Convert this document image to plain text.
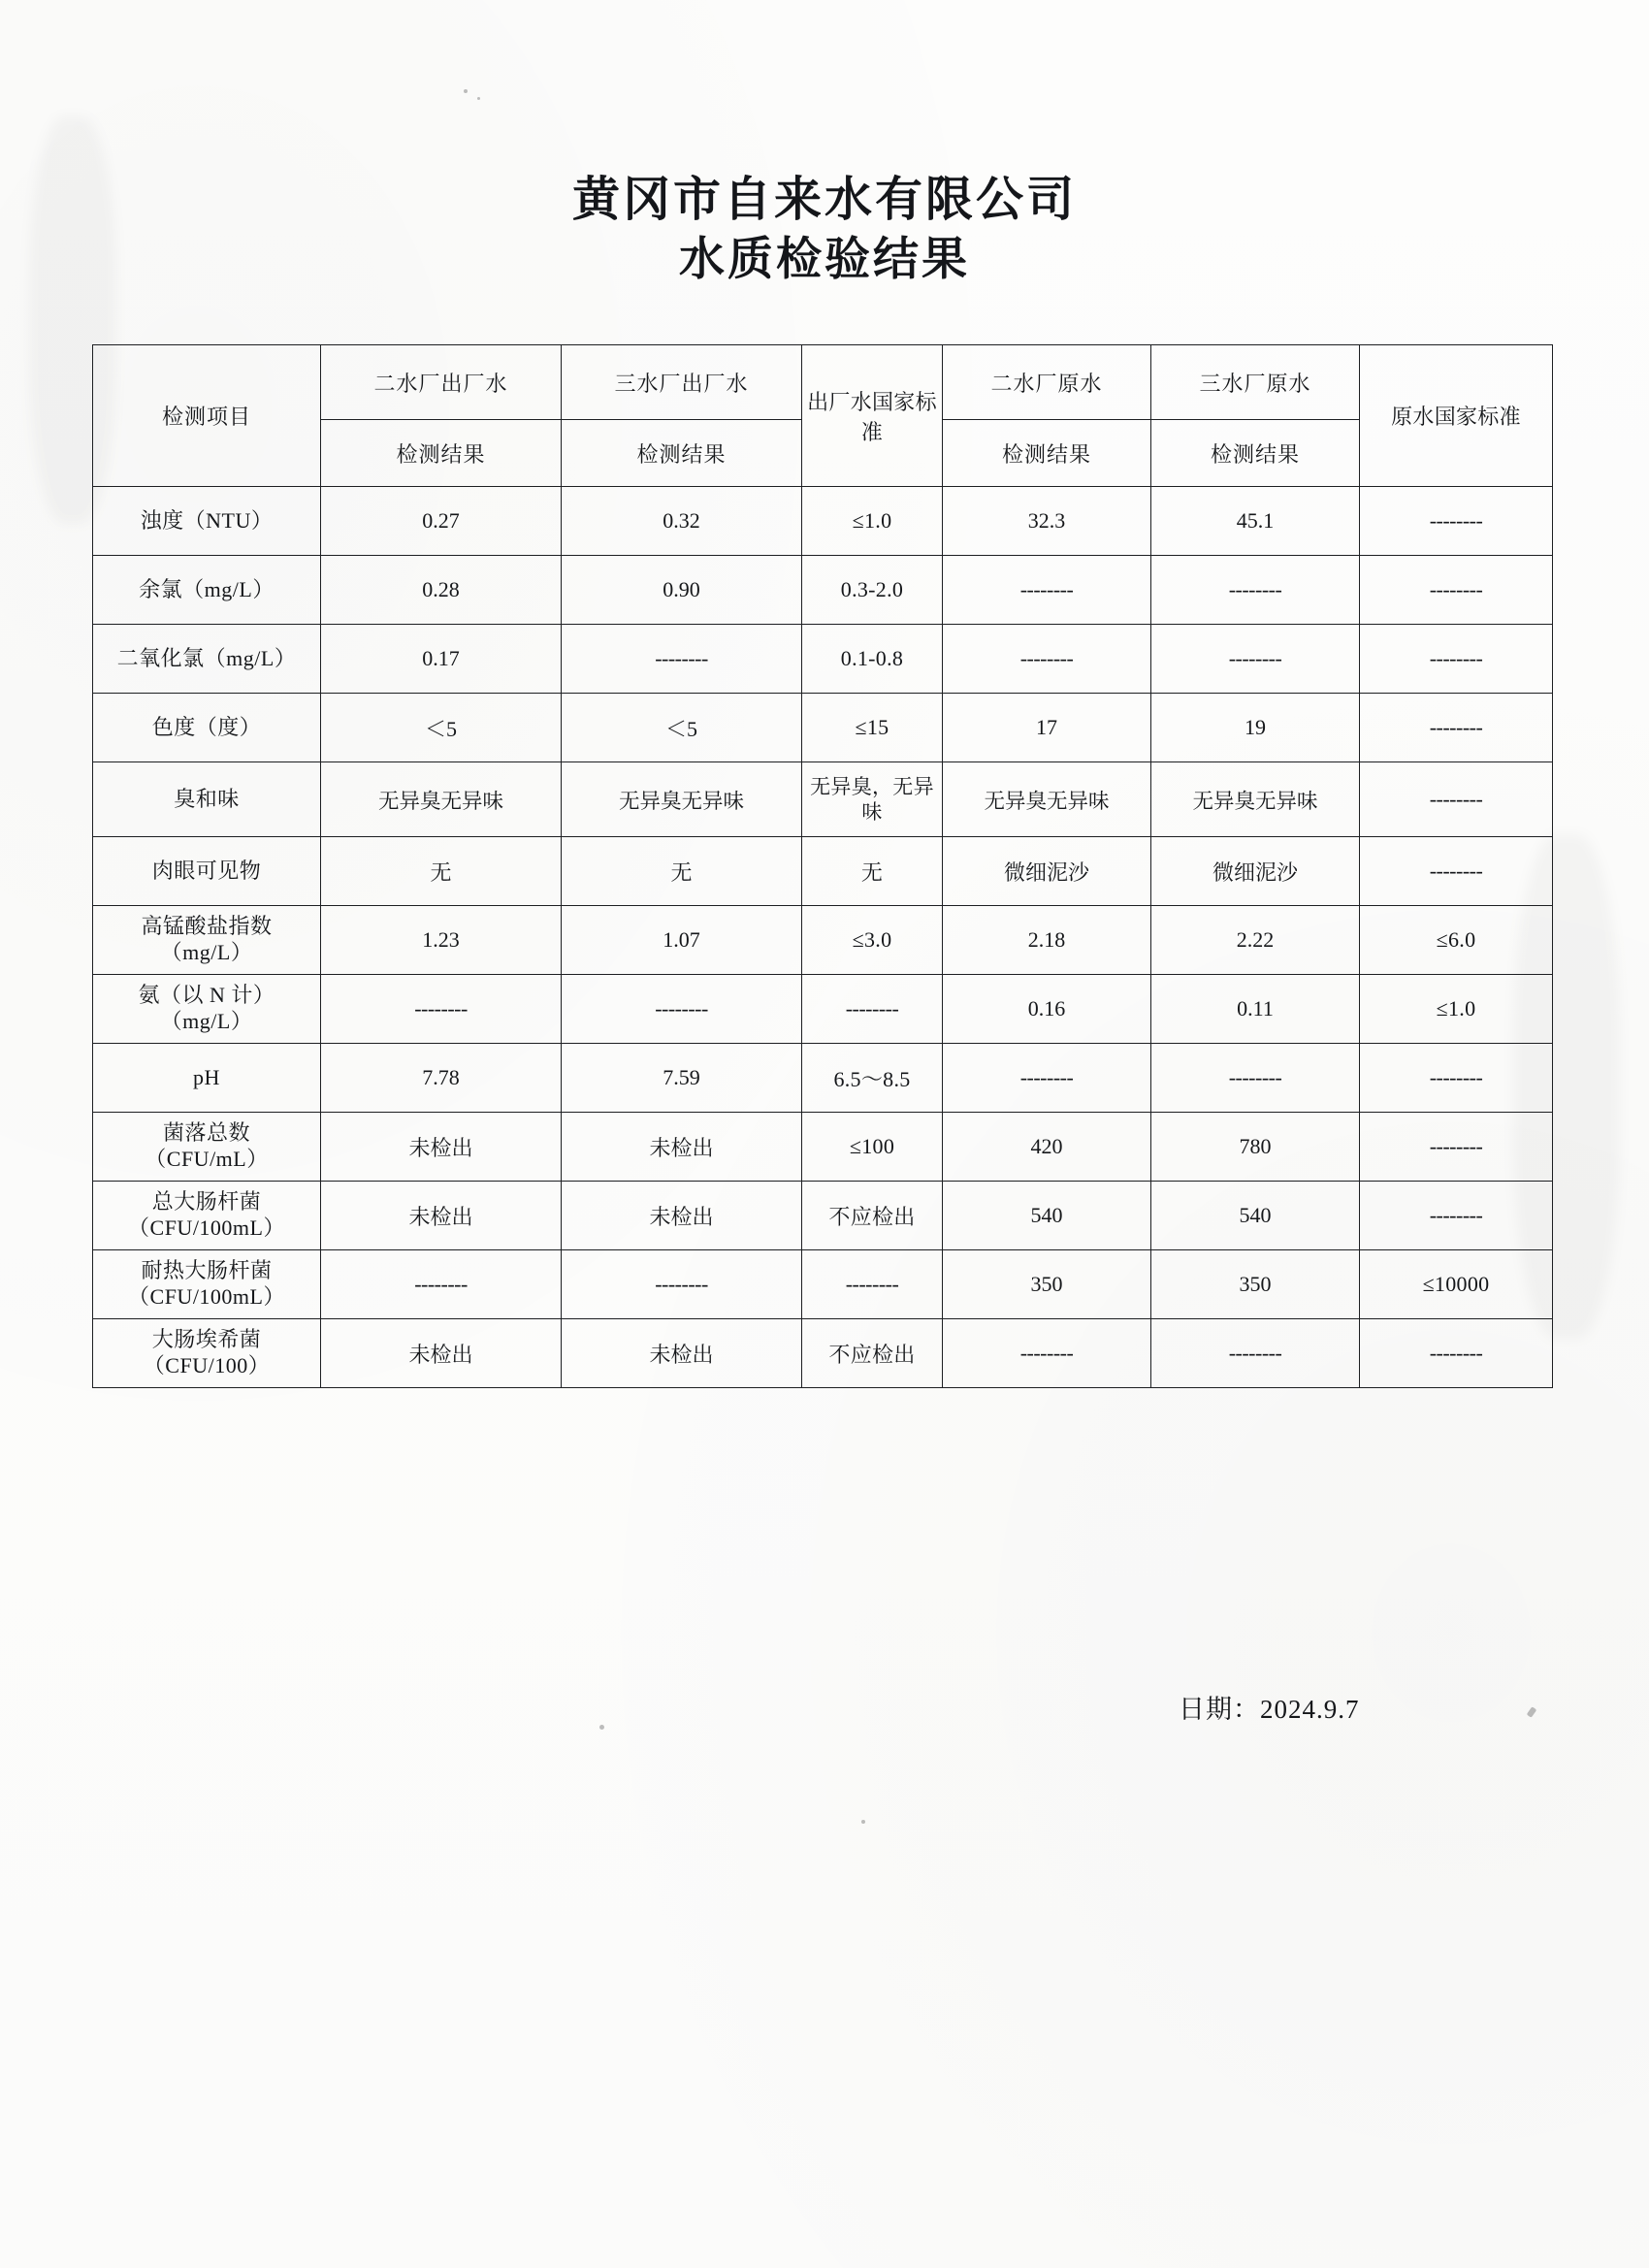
黄冈市自来水有限公司
水质检验结果
检测项目	二水厂出厂水	三水厂出厂水	出厂水国家标准	二水厂原水	三水厂原水	原水国家标准
	检测结果	检测结果		检测结果	检测结果	

浊度（NTU）	0.27	0.32	≤1.0	32.3	45.1	--------

余氯（mg/L）	0.28	0.90	0.3-2.0	--------	--------	--------

二氧化氯（mg/L）	0.17	--------	0.1-0.8	--------	--------	--------

色度（度）	＜5	＜5	≤15	17	19	--------

臭和味	无异臭无异味	无异臭无异味	无异臭，无异味	无异臭无异味	无异臭无异味	--------

肉眼可见物	无	无	无	微细泥沙	微细泥沙	--------

高锰酸盐指数
（mg/L）	1.23	1.07	≤3.0	2.18	2.22	≤6.0

氨（以 N 计）
（mg/L）	--------	--------	--------	0.16	0.11	≤1.0

pH	7.78	7.59	6.5～8.5	--------	--------	--------

菌落总数
（CFU/mL）	未检出	未检出	≤100	420	780	--------

总大肠杆菌
（CFU/100mL）	未检出	未检出	不应检出	540	540	--------

耐热大肠杆菌
（CFU/100mL）	--------	--------	--------	350	350	≤10000

大肠埃希菌
（CFU/100）	未检出	未检出	不应检出	--------	--------	--------
日期：2024.9.7
